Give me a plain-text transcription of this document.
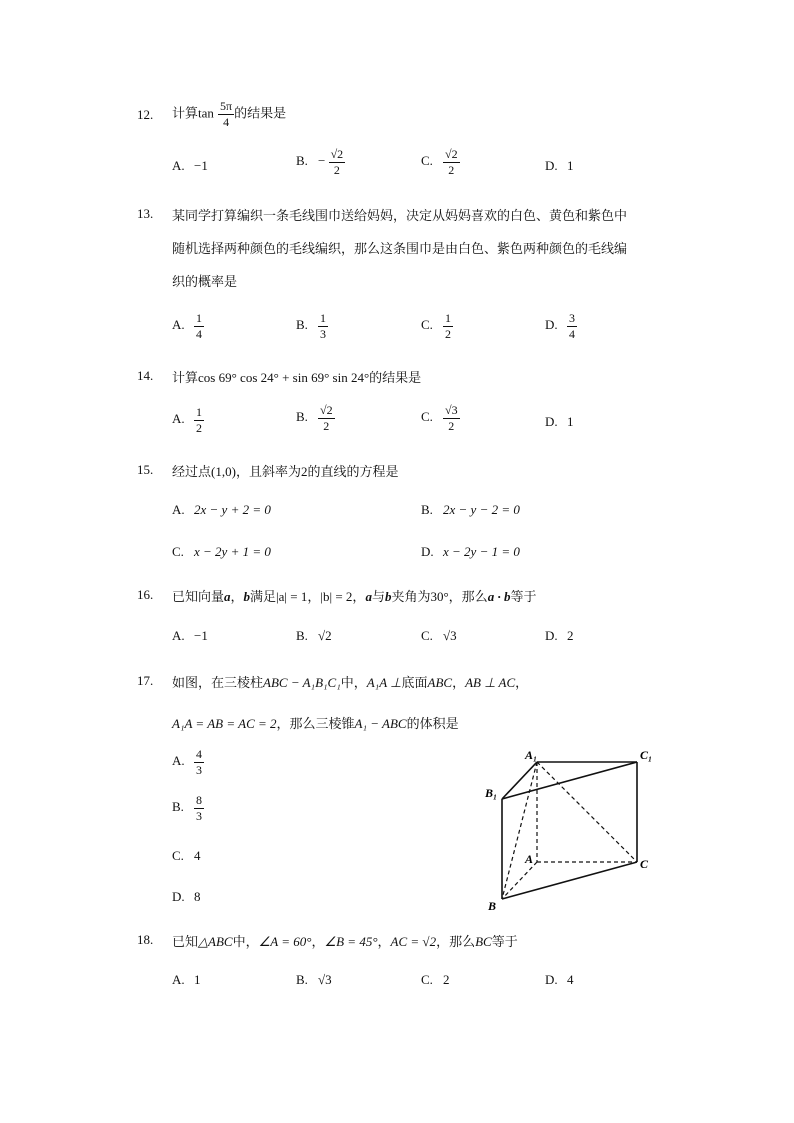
12. 计算$\tan \frac{5\pi}{4}$ 的结果是
A. −1	B. − $\frac{√2}{2}$	C. $\frac{√2}{2}$	D. 1
13. 某同学打算编织一条毛线围巾送给妈妈，决定从妈妈喜欢的白色、黄色和紫色中
随机选择两种颜色的毛线编织，那么这条围巾是由白色、紫色两种颜色的毛线编
织的概率是
A. $\frac{1}{4}$	B. $\frac{1}{3}$	C. $\frac{1}{2}$	D. $\frac{3}{4}$
14. 计算cos 69° cos 24° + sin 69° sin 24°的结果是
A. $\frac{1}{2}$	B. $\frac{√2}{2}$	C. $\frac{√3}{2}$	D. 1
15. 经过点(1,0)，且斜率为2的直线的方程是
A. 2x − y + 2 = 0	B. 2x − y − 2 = 0
C. x − 2y + 1 = 0	D. x − 2y − 1 = 0
16. 已知向量a，b满足|a| = 1，|b| = 2，a与b夹角为30°，那么a · b等于
A. −1	B. √2	C. √3	D. 2
17. 如图，在三棱柱ABC − A₁B₁C₁中，A₁A ⊥底面ABC，AB ⊥ AC，
A₁A = AB = AC = 2，那么三棱锥A₁ − ABC的体积是
A. $\frac{4}{3}$
B. $\frac{8}{3}$
C. 4
D. 8
A₁	C₁
B₁
A	C
B
18. 已知△ABC中，∠A = 60°，∠B = 45°，AC = √2，那么BC等于
A. 1	B. √3	C. 2	D. 4
